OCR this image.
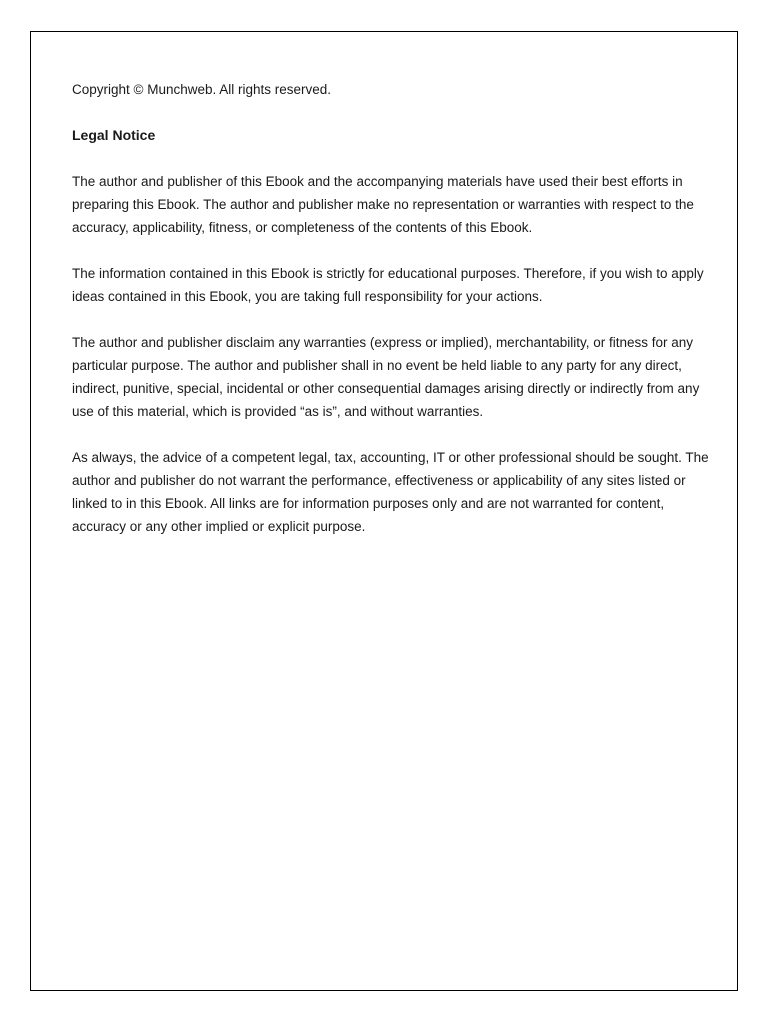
Copyright © Munchweb. All rights reserved.

Legal Notice

The author and publisher of this Ebook and the accompanying materials have used their best efforts in preparing this Ebook. The author and publisher make no representation or warranties with respect to the accuracy, applicability, fitness, or completeness of the contents of this Ebook.

The information contained in this Ebook is strictly for educational purposes. Therefore, if you wish to apply ideas contained in this Ebook, you are taking full responsibility for your actions.

The author and publisher disclaim any warranties (express or implied), merchantability, or fitness for any particular purpose. The author and publisher shall in no event be held liable to any party for any direct, indirect, punitive, special, incidental or other consequential damages arising directly or indirectly from any use of this material, which is provided “as is”, and without warranties.

As always, the advice of a competent legal, tax, accounting, IT or other professional should be sought. The author and publisher do not warrant the performance, effectiveness or applicability of any sites listed or linked to in this Ebook. All links are for information purposes only and are not warranted for content, accuracy or any other implied or explicit purpose.
